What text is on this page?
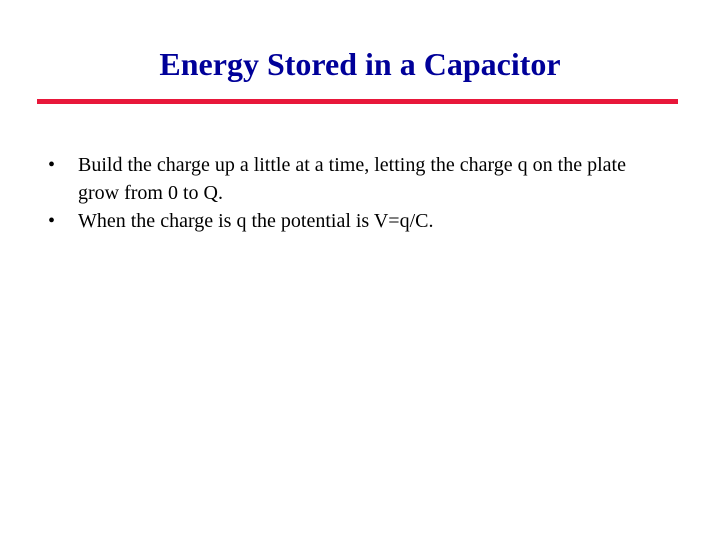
Energy Stored in a Capacitor
• Build the charge up a little at a time, letting the charge q on the plate grow from 0 to Q.
• When the charge is q the potential is V=q/C.
